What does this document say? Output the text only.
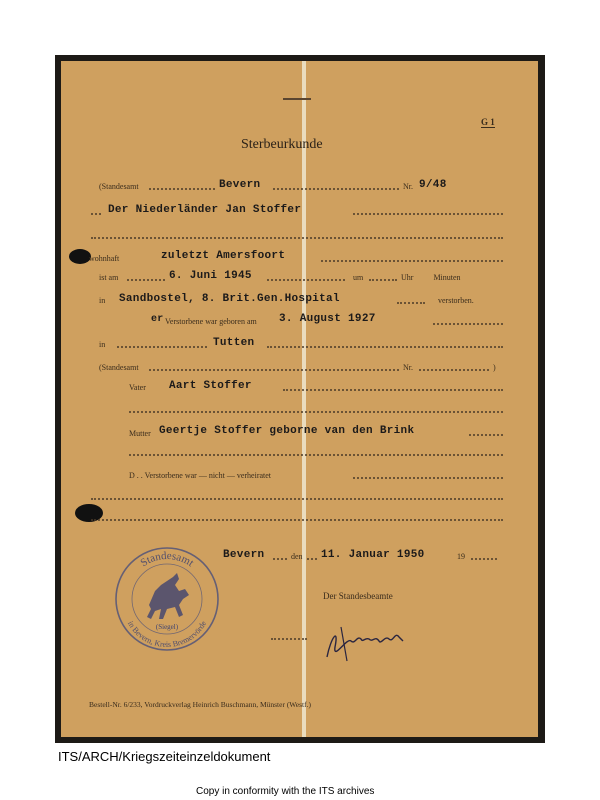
G 1
Sterbeurkunde
(Standesamt	Bevern	Nr. 9/48
Der Niederländer Jan Stoffer
wohnhaft	zuletzt Amersfoort
ist am	6. Juni 1945	um	Uhr          Minuten
in Sandbostel, 8. Brit.Gen.Hospital	verstorben.
er Verstorbene war geboren am 3. August 1927
in	Tutten
(Standesamt	Nr.	)
Vater Aart Stoffer
Mutter Geertje Stoffer geborne van den Brink
D . . Verstorbene war — nicht — verheiratet
Bevern	den 11. Januar 1950	19
Standesamt
in Bevern, Kreis Bremervörde
(Siegel)
Der Standesbeamte
Bestell-Nr. 6/233, Vordruckverlag Heinrich Buschmann, Münster (Westf.)
ITS/ARCH/Kriegszeiteinzeldokument
Copy in conformity with the ITS archives
